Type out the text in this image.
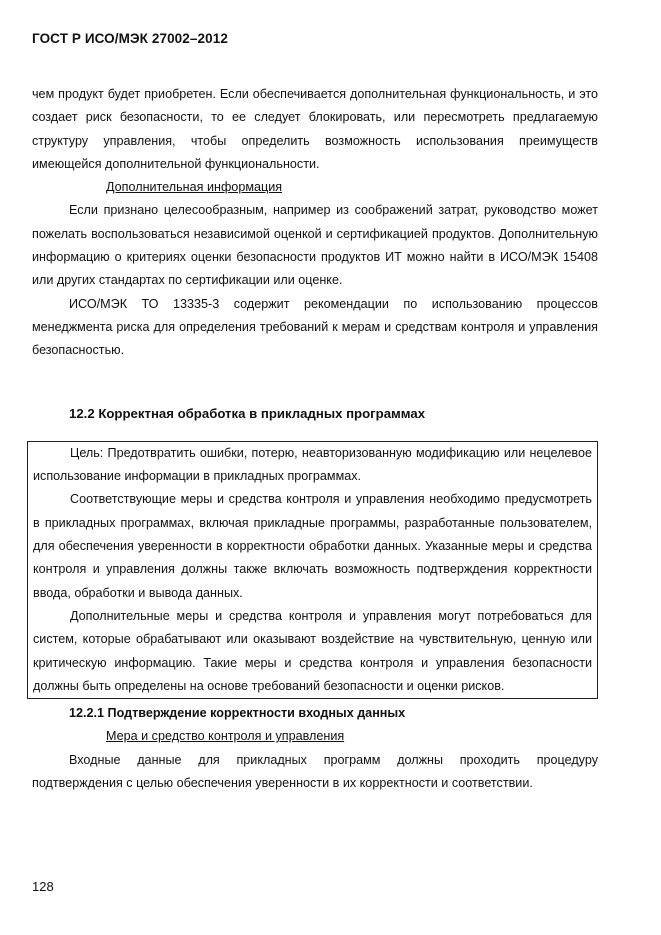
ГОСТ Р ИСО/МЭК 27002–2012

чем продукт будет приобретен. Если обеспечивается дополнительная функциональность, и это создает риск безопасности, то ее следует блокировать, или пересмотреть предлагаемую структуру управления, чтобы определить возможность использования преимуществ имеющейся дополнительной функциональности.

Дополнительная информация

Если признано целесообразным, например из соображений затрат, руководство может пожелать воспользоваться независимой оценкой и сертификацией продуктов. Дополнительную информацию о критериях оценки безопасности продуктов ИТ можно найти в ИСО/МЭК 15408 или других стандартах по сертификации или оценке.

ИСО/МЭК ТО 13335-3 содержит рекомендации по использованию процессов менеджмента риска для определения требований к мерам и средствам контроля и управления безопасностью.

12.2 Корректная обработка в прикладных программах

Цель: Предотвратить ошибки, потерю, неавторизованную модификацию или нецелевое использование информации в прикладных программах.

Соответствующие меры и средства контроля и управления необходимо предусмотреть в прикладных программах, включая прикладные программы, разработанные пользователем, для обеспечения уверенности в корректности обработки данных. Указанные меры и средства контроля и управления должны также включать возможность подтверждения корректности ввода, обработки и вывода данных.

Дополнительные меры и средства контроля и управления могут потребоваться для систем, которые обрабатывают или оказывают воздействие на чувствительную, ценную или критическую информацию. Такие меры и средства контроля и управления безопасности должны быть определены на основе требований безопасности и оценки рисков.

12.2.1 Подтверждение корректности входных данных

Мера и средство контроля и управления

Входные данные для прикладных программ должны проходить процедуру подтверждения с целью обеспечения уверенности в их корректности и соответствии.

128
